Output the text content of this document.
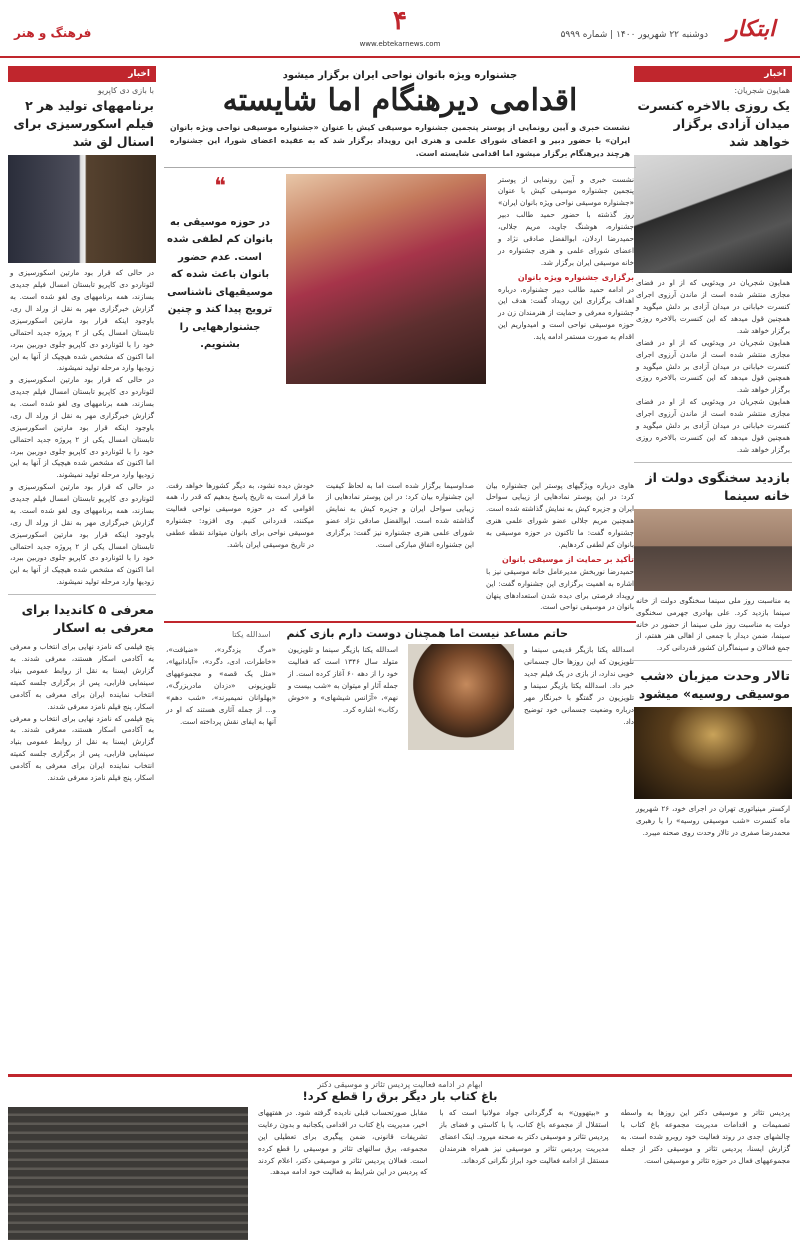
ابتکار
دوشنبه ۲۲ شهریور ۱۴۰۰ | شماره ۵۹۹۹
۴
www.ebtekarnews.com
فرهنگ و هنر
اخبار
همایون شجریان:
یک روزی بالاخره کنسرت میدان آزادی برگزار خواهد شد

همایون شجریان در ویدئویی که از او در فضای مجازی منتشر شده است از ماندن آرزوی اجرای کنسرت خیابانی در میدان آزادی بر دلش میگوید و همچنین قول میدهد که این کنسرت بالاخره روزی برگزار خواهد شد.

همایون شجریان در ویدئویی که از او در فضای مجازی منتشر شده است از ماندن آرزوی اجرای کنسرت خیابانی در میدان آزادی بر دلش میگوید و همچنین قول میدهد که این کنسرت بالاخره روزی برگزار خواهد شد.

همایون شجریان در ویدئویی که از او در فضای مجازی منتشر شده است از ماندن آرزوی اجرای کنسرت خیابانی در میدان آزادی بر دلش میگوید و همچنین قول میدهد که این کنسرت بالاخره روزی برگزار خواهد شد.

بازدید سخنگوی دولت از خانه سینما

به مناسبت روز ملی سینما سخنگوی دولت از خانه سینما بازدید کرد. علی بهادری جهرمی سخنگوی دولت به مناسبت روز ملی سینما از حضور در خانه سینما، ضمن دیدار با جمعی از اهالی هنر هفتم، از جمع فعالان و سینماگران کشور قدردانی کرد.

تالار وحدت میزبان «شب موسیقی روسیه» میشود

ارکستر مینیاتوری تهران در اجرای خود، ۲۶ شهریور ماه کنسرت «شب موسیقی روسیه» را با رهبری محمدرضا صفری در تالار وحدت روی صحنه میبرد.

اخبار
با بازی دی کاپریو
برنامههای تولید هر ۲ فیلم اسکورسیزی برای اسنال لق شد

در حالی که قرار بود مارتین اسکورسیزی و لئوناردو دی کاپریو تابستان امسال فیلم جدیدی بسازند، همه برنامههای وی لغو شده است. به گزارش خبرگزاری مهر به نقل از ورلد ال ری، باوجود اینکه قرار بود مارتین اسکورسیزی تابستان امسال یکی از ۲ پروژه جدید احتمالی خود را با لئوناردو دی کاپریو جلوی دوربین ببرد، اما اکنون که مشخص شده هیچیک از آنها به این زودیها وارد مرحله تولید نمیشوند.

در حالی که قرار بود مارتین اسکورسیزی و لئوناردو دی کاپریو تابستان امسال فیلم جدیدی بسازند، همه برنامههای وی لغو شده است. به گزارش خبرگزاری مهر به نقل از ورلد ال ری، باوجود اینکه قرار بود مارتین اسکورسیزی تابستان امسال یکی از ۲ پروژه جدید احتمالی خود را با لئوناردو دی کاپریو جلوی دوربین ببرد، اما اکنون که مشخص شده هیچیک از آنها به این زودیها وارد مرحله تولید نمیشوند.

در حالی که قرار بود مارتین اسکورسیزی و لئوناردو دی کاپریو تابستان امسال فیلم جدیدی بسازند، همه برنامههای وی لغو شده است. به گزارش خبرگزاری مهر به نقل از ورلد ال ری، باوجود اینکه قرار بود مارتین اسکورسیزی تابستان امسال یکی از ۲ پروژه جدید احتمالی خود را با لئوناردو دی کاپریو جلوی دوربین ببرد، اما اکنون که مشخص شده هیچیک از آنها به این زودیها وارد مرحله تولید نمیشوند.

معرفی ۵ کاندیدا برای معرفی به اسکار

پنج فیلمی که نامزد نهایی برای انتخاب و معرفی به آکادمی اسکار هستند، معرفی شدند. به گزارش ایسنا به نقل از روابط عمومی بنیاد سینمایی فارابی، پس از برگزاری جلسه کمیته انتخاب نماینده ایران برای معرفی به آکادمی اسکار، پنج فیلم نامزد معرفی شدند.

پنج فیلمی که نامزد نهایی برای انتخاب و معرفی به آکادمی اسکار هستند، معرفی شدند. به گزارش ایسنا به نقل از روابط عمومی بنیاد سینمایی فارابی، پس از برگزاری جلسه کمیته انتخاب نماینده ایران برای معرفی به آکادمی اسکار، پنج فیلم نامزد معرفی شدند.

جشنواره ویژه بانوان نواحی ایران برگزار میشود
اقدامی دیرهنگام اما شایسته

نشست خبری و آیین رونمایی از پوستر پنجمین جشنواره موسیقی کیش با عنوان «جشنواره موسیقی نواحی ویژه بانوان ایران» با حضور دبیر و اعضای شورای علمی و هنری این رویداد برگزار شد که به عقیده اعضای شورا، این جشنواره هرچند دیرهنگام برگزار میشود اما اقدامی شایسته است.

نشست خبری و آیین رونمایی از پوستر پنجمین جشنواره موسیقی کیش با عنوان «جشنواره موسیقی نواحی ویژه بانوان ایران» روز گذشته با حضور حمید طالب دبیر جشنواره، هوشنگ جاوید، مریم جلالی، حمیدرضا اردلان، ابوالفضل صادقی نژاد و اعضای شورای علمی و هنری جشنواره در خانه موسیقی ایران برگزار شد.

برگزاری جشنواره ویژه بانوان

در ادامه حمید طالب دبیر جشنواره، درباره اهداف برگزاری این رویداد گفت: هدف این جشنواره معرفی و حمایت از هنرمندان زن در حوزه موسیقی نواحی است و امیدواریم این اقدام به صورت مستمر ادامه یابد.

❝
در حوزه موسیقی به بانوان کم لطفی شده است. عدم حضور بانوان باعث شده که موسیقیهای ناشناسی ترویج پیدا کند و چنین جشنوارههایی را بشنویم.

هاوی درباره ویژگیهای پوستر این جشنواره بیان کرد: در این پوستر نمادهایی از زیبایی سواحل ایران و جزیره کیش به نمایش گذاشته شده است. همچنین مریم جلالی عضو شورای علمی هنری جشنواره گفت: ما تاکنون در حوزه موسیقی به بانوان کم لطفی کردهایم.

تأکید بر حمایت از موسیقی بانوان

حمیدرضا نوربخش مدیرعامل خانه موسیقی نیز با اشاره به اهمیت برگزاری این جشنواره گفت: این رویداد فرصتی برای دیده شدن استعدادهای پنهان بانوان در موسیقی نواحی است.

صداوسیما برگزار شده است اما به لحاظ کیفیت این جشنواره بیان کرد: در این پوستر نمادهایی از زیبایی سواحل ایران و جزیره کیش به نمایش گذاشته شده است. ابوالفضل صادقی نژاد عضو شورای علمی هنری جشنواره نیز گفت: برگزاری این جشنواره اتفاق مبارکی است.

خودش دیده نشود، به دیگر کشورها خواهد رفت. ما قرار است به تاریخ پاسخ بدهیم که قدر را، همه اقوامی که در حوزه موسیقی نواحی فعالیت میکنند، قدردانی کنیم. وی افزود: جشنواره موسیقی نواحی برای بانوان میتواند نقطه عطفی در تاریخ موسیقی ایران باشد.

حاتم مساعد نیست اما همچنان دوست دارم بازی کنم اسدالله یکتا

اسدالله یکتا بازیگر قدیمی سینما و تلویزیون که این روزها حال جسمانی خوبی ندارد، از بازی در یک فیلم جدید خبر داد. اسدالله یکتا بازیگر سینما و تلویزیون در گفتگو با خبرنگار مهر درباره وضعیت جسمانی خود توضیح داد.

اسدالله یکتا بازیگر سینما و تلویزیون متولد سال ۱۳۴۶ است که فعالیت خود را از دهه ۶۰ آغاز کرده است. از جمله آثار او میتوان به «شب بیست و نهم»، «آژانس شیشهای» و «خوش رکاب» اشاره کرد.

«مرگ یزدگرد»، «ضیافت»، «خاطرات، ادی، دگرد»، «آبادانیها»، «مثل یک قصه» و مجموعههای تلویزیونی «دزدان مادربزرگ»، «پهلوانان نمیمیرند»، «شب دهم» و... از جمله آثاری هستند که او در آنها به ایفای نقش پرداخته است.

ابهام در ادامه فعالیت پردیس تئاتر و موسیقی دکتر
باغ کتاب بار دیگر برق را قطع کرد!

پردیس تئاتر و موسیقی دکتر این روزها به واسطه تصمیمات و اقدامات مدیریت مجموعه باغ کتاب با چالشهای جدی در روند فعالیت خود روبرو شده است. به گزارش ایسنا، پردیس تئاتر و موسیقی دکتر از جمله مجموعههای فعال در حوزه تئاتر و موسیقی است.

و «بیتهوون» به گرگردانی جواد مولانیا است که با استقلال از مجموعه باغ کتاب، یا با کاستی و فضای باز پردیس تئاتر و موسیقی دکتر به صحنه میرود. اینک اعضای مدیریت پردیس تئاتر و موسیقی نیز همراه هنرمندان مستقل از ادامه فعالیت خود ابراز نگرانی کردهاند.

مقابل صورتحساب قبلی نادیده گرفته شود. در هفتههای اخیر، مدیریت باغ کتاب در اقدامی یکجانبه و بدون رعایت تشریفات قانونی، ضمن پیگیری برای تعطیلی این مجموعه، برق سالنهای تئاتر و موسیقی را قطع کرده است. فعالان پردیس تئاتر و موسیقی دکتر، اعلام کردند که پردیس در این شرایط به فعالیت خود ادامه میدهد.
